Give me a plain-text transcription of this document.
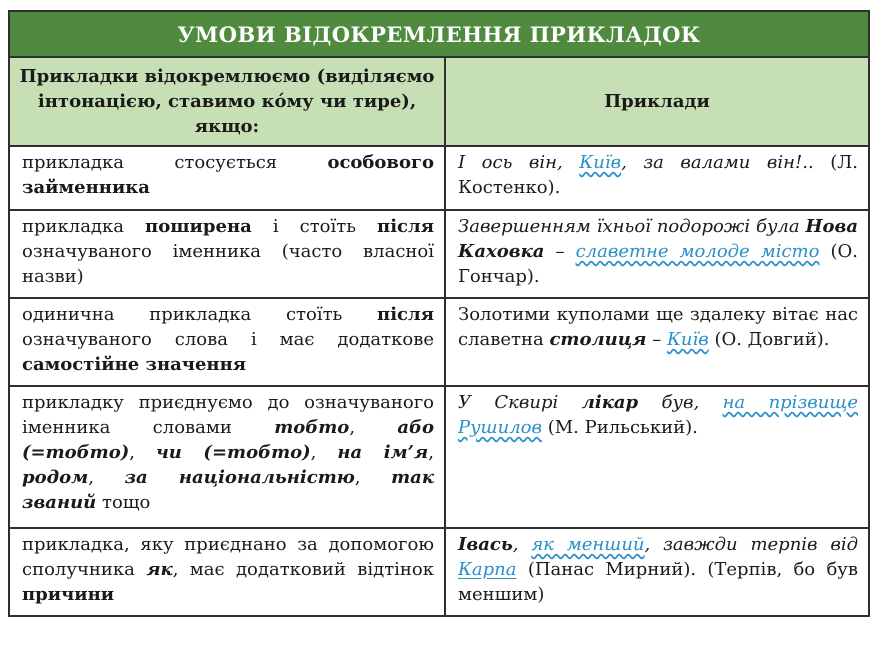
УМОВИ ВІДОКРЕМЛЕННЯ ПРИКЛАДОК	
Прикладки відокремлюємо (виділяємо інтонацією, ставимо ко́му чи тире), якщо:	Приклади
прикладка стосується особового займенника	І ось він, Київ, за валами він!.. (Л. Костенко).
прикладка поширена і стоїть після означуваного іменника (часто власної назви)	Завершенням їхньої подорожі була Нова Каховка – славетне молоде місто (О. Гончар).
одинична прикладка стоїть після означуваного слова і має додаткове самостійне значення	Золотими куполами ще здалеку вітає нас славетна столиця – Київ (О. Довгий).
прикладку приєднуємо до означуваного іменника словами тобто, або (=тобто), чи (=тобто), на ім’я, родом, за національністю, так званий тощо	У Сквирі лікар був, на прізвище Рушилов (М. Рильський).
прикладка, яку приєднано за допомогою сполучника як, має додатковий відтінок причини	Івась, як менший, завжди терпів від Карпа (Панас Мирний). (Терпів, бо був меншим)
